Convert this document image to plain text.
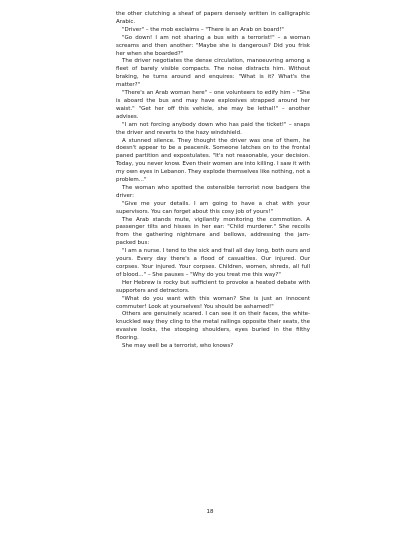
the other clutching a sheaf of papers densely written in calligraphic Arabic.

"Driver" – the mob exclaims – "There is an Arab on board!"

"Go down! I am not sharing a bus with a terrorist!" – a woman screams and then another: "Maybe she is dangerous? Did you frisk her when she boarded?"

The driver negotiates the dense circulation, manoeuvring among a fleet of barely visible compacts. The noise distracts him. Without braking, he turns around and enquires: "What is it? What's the matter?"

"There's an Arab woman here" – one volunteers to edify him – "She is aboard the bus and may have explosives strapped around her waist." "Get her off this vehicle, she may be lethal!" – another advises.

"I am not forcing anybody down who has paid the ticket!" – snaps the driver and reverts to the hazy windshield.

A stunned silence. They thought the driver was one of them, he doesn't appear to be a peacenik. Someone latches on to the frontal paned partition and expostulates. "It's not reasonable, your decision. Today, you never know. Even their women are into killing. I saw it with my own eyes in Lebanon. They explode themselves like nothing, not a problem..."

The woman who spotted the ostensible terrorist now badgers the driver:

"Give me your details. I am going to have a chat with your supervisors. You can forget about this cosy job of yours!"

The Arab stands mute, vigilantly monitoring the commotion. A passenger tilts and hisses in her ear: "Child murderer." She recoils from the gathering nightmare and bellows, addressing the jam-packed bus:

"I am a nurse. I tend to the sick and frail all day long, both ours and yours. Every day there's a flood of casualties. Our injured. Our corpses. Your injured. Your corpses. Children, women, shreds, all full of blood..." – She pauses – "Why do you treat me this way?"

Her Hebrew is rocky but sufficient to provoke a heated debate with supporters and detractors.

"What do you want with this woman? She is just an innocent commuter! Look at yourselves! You should be ashamed!"

Others are genuinely scared. I can see it on their faces, the white-knuckled way they cling to the metal railings opposite their seats, the evasive looks, the stooping shoulders, eyes buried in the filthy flooring.

She may well be a terrorist, who knows?

18
